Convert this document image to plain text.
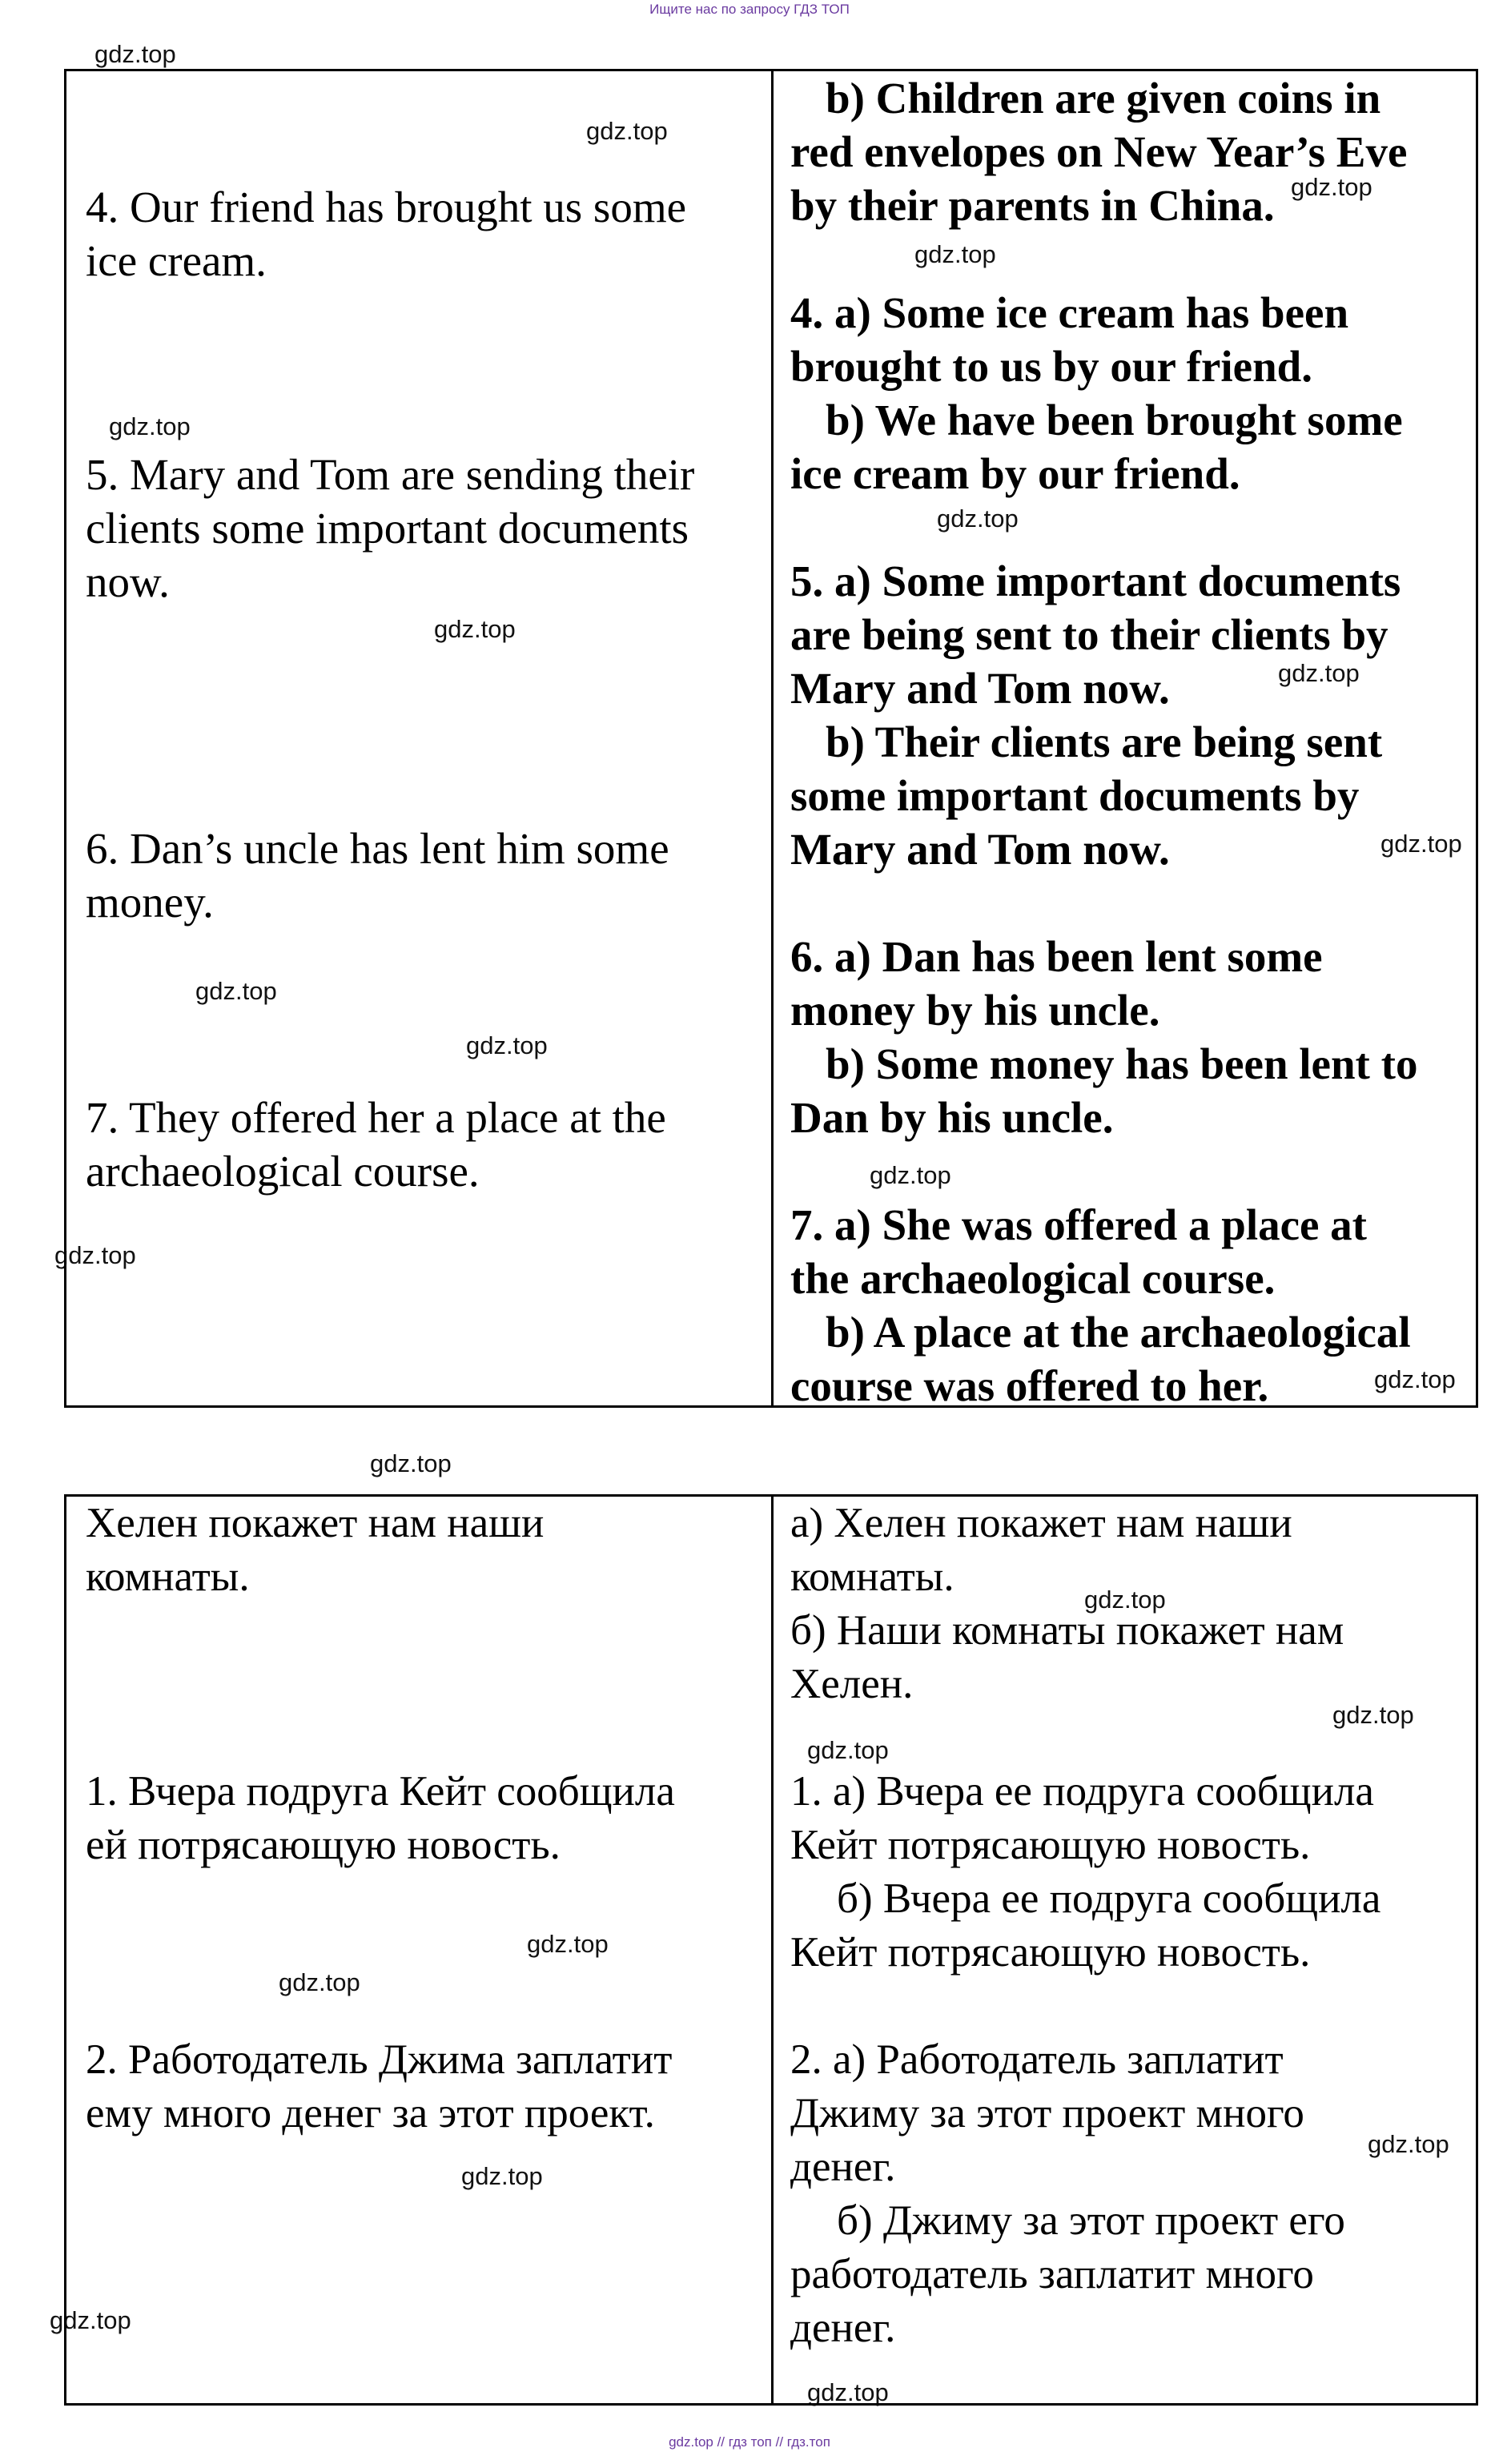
Ищите нас по запросу ГДЗ ТОП
gdz.top
gdz.top
gdz.top
gdz.top
gdz.top
gdz.top
gdz.top
gdz.top
gdz.top
gdz.top
gdz.top
gdz.top
gdz.top
gdz.top
gdz.top
gdz.top
gdz.top
gdz.top
gdz.top
gdz.top
gdz.top
gdz.top
gdz.top
gdz.top
4. Our friend has brought us some
ice cream.
5. Mary and Tom are sending their
clients some important documents
now.
6. Dan’s uncle has lent him some
money.
7. They offered her a place at the
archaeological course.
b) Children are given coins in
red envelopes on New Year’s Eve
by their parents in China.
4. a) Some ice cream has been
brought to us by our friend.
b) We have been brought some
ice cream by our friend.
5. a) Some important documents
are being sent to their clients by
Mary and Tom now.
b) Their clients are being sent
some important documents by
Mary and Tom now.
6. a) Dan has been lent some
money by his uncle.
b) Some money has been lent to
Dan by his uncle.
7. a) She was offered a place at
the archaeological course.
b) A place at the archaeological
course was offered to her.
Хелен покажет нам наши
комнаты.
1. Вчера подруга Кейт сообщила
ей потрясающую новость.
2. Работодатель Джима заплатит
ему много денег за этот проект.
а) Хелен покажет нам наши
комнаты.
б) Наши комнаты покажет нам
Хелен.
1. а) Вчера ее подруга сообщила
Кейт потрясающую новость.
б) Вчера ее подруга сообщила
Кейт потрясающую новость.
2. а) Работодатель заплатит
Джиму за этот проект много
денег.
б) Джиму за этот проект его
работодатель заплатит много
денег.
gdz.top // гдз топ // гдз.топ
